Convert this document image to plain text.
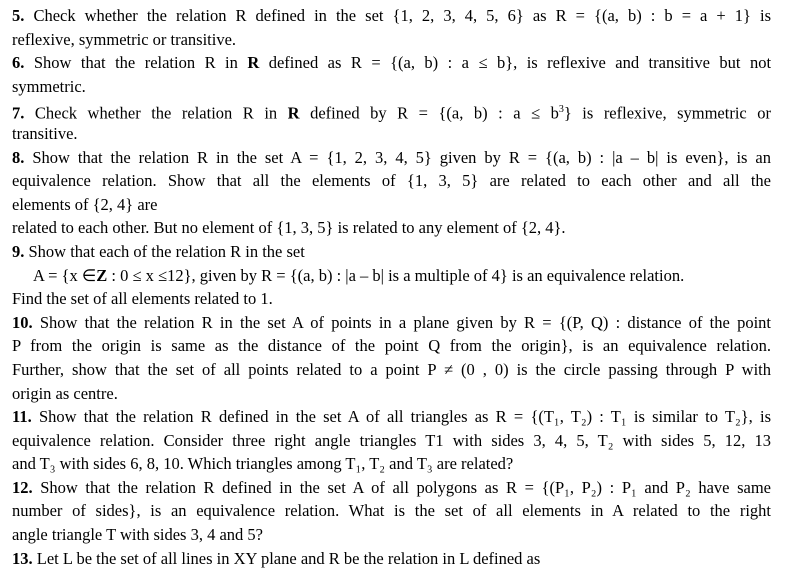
5. Check whether the relation R defined in the set {1, 2, 3, 4, 5, 6} as R = {(a, b) : b = a + 1} is
reflexive, symmetric or transitive.
6. Show that the relation R in R defined as R = {(a, b) : a ≤ b}, is reflexive and transitive but not
symmetric.
7. Check whether the relation R in R defined by R = {(a, b) : $a \le b^3$} is reflexive, symmetric or
transitive.
8. Show that the relation R in the set A = {1, 2, 3, 4, 5} given by R = {(a, b) : |a – b| is even}, is an
equivalence relation. Show that all the elements of {1, 3, 5} are related to each other and all the
elements of {2, 4} are
related to each other. But no element of {1, 3, 5} is related to any element of {2, 4}.
9. Show that each of the relation R in the set
A = {x ∈Z : 0 ≤ x ≤12}, given by R = {(a, b) : |a – b| is a multiple of 4} is an equivalence relation.
Find the set of all elements related to 1.
10. Show that the relation R in the set A of points in a plane given by R = {(P, Q) : distance of the point
P from the origin is same as the distance of the point Q from the origin}, is an equivalence relation.
Further, show that the set of all points related to a point P ≠ (0 , 0) is the circle passing through P with
origin as centre.
11. Show that the relation R defined in the set A of all triangles as R = {(T₁, T₂) : T₁ is similar to T₂}, is
equivalence relation. Consider three right angle triangles T1 with sides 3, 4, 5, T₂ with sides 5, 12, 13
and T₃ with sides 6, 8, 10. Which triangles among T₁, T₂ and T₃ are related?
12. Show that the relation R defined in the set A of all polygons as R = {(P₁, P₂) : P₁ and P₂ have same
number of sides}, is an equivalence relation. What is the set of all elements in A related to the right
angle triangle T with sides 3, 4 and 5?
13. Let L be the set of all lines in XY plane and R be the relation in L defined as
